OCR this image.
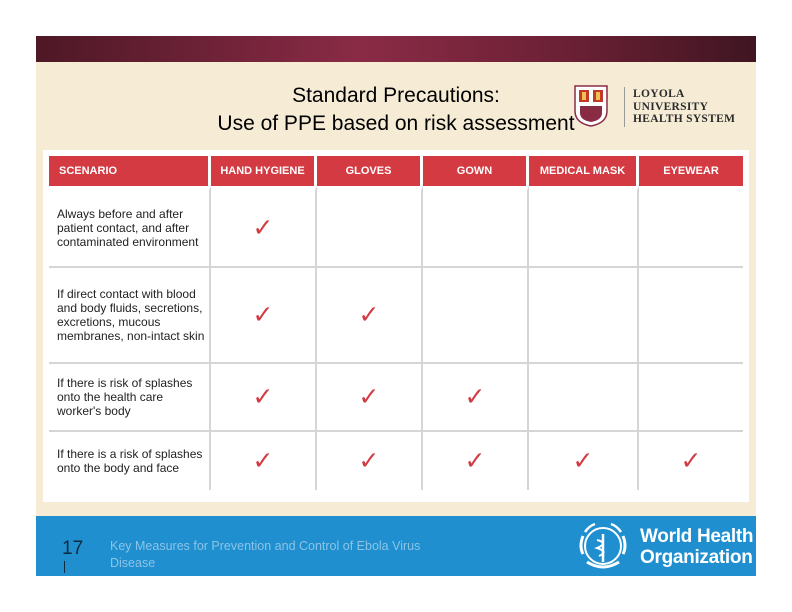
Standard Precautions:
Use of PPE based on risk assessment
LOYOLA
UNIVERSITY
HEALTH SYSTEM
SCENARIO	HAND HYGIENE	GLOVES	GOWN	MEDICAL MASK	EYEWEAR
Always before and after patient contact, and after contaminated environment	✓				
If direct contact with blood and body fluids, secretions, excretions, mucous membranes, non-intact skin	✓	✓			
If there is risk of splashes onto the health care worker's body	✓	✓	✓		
If there is a risk of splashes onto the body and face	✓	✓	✓	✓	✓
17 Key Measures for Prevention and Control of Ebola Virus Disease
World Health
Organization
